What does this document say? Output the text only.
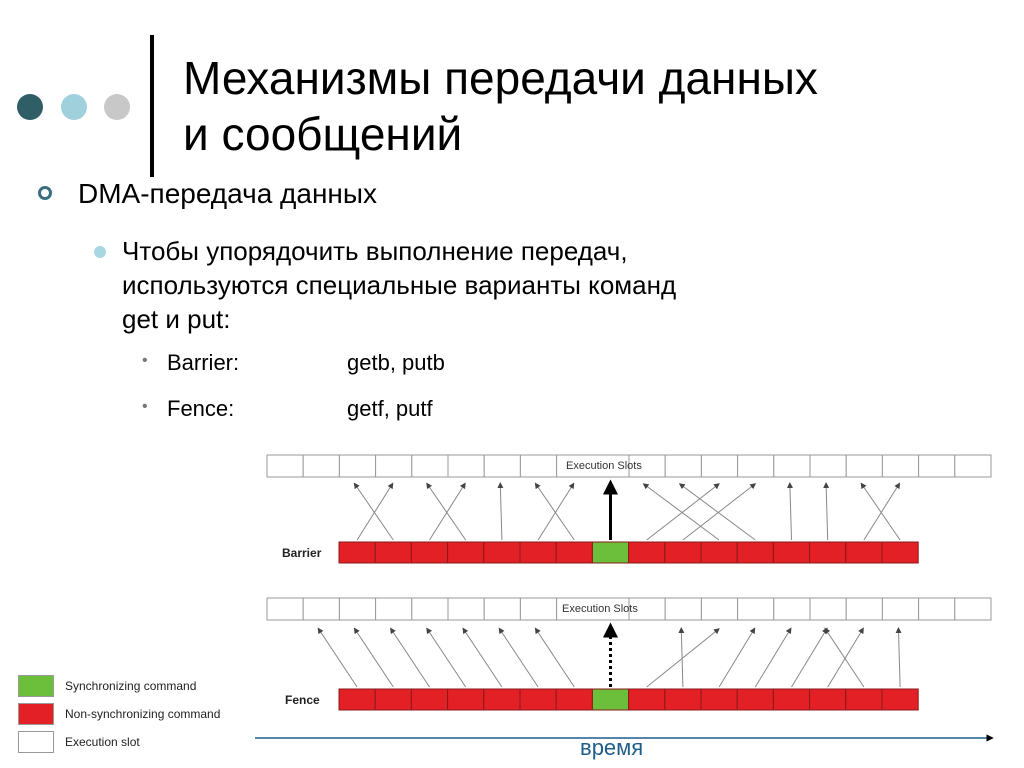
Механизмы передачи данных
и сообщений
DMA-передача данных
Чтобы упорядочить выполнение передач,
используются специальные варианты команд
get и put:
• Barrier:	getb, putb
• Fence:	getf, putf
Execution Slots
Execution Slots
Barrier
Fence
Synchronizing command
Non-synchronizing command
Execution slot	время
